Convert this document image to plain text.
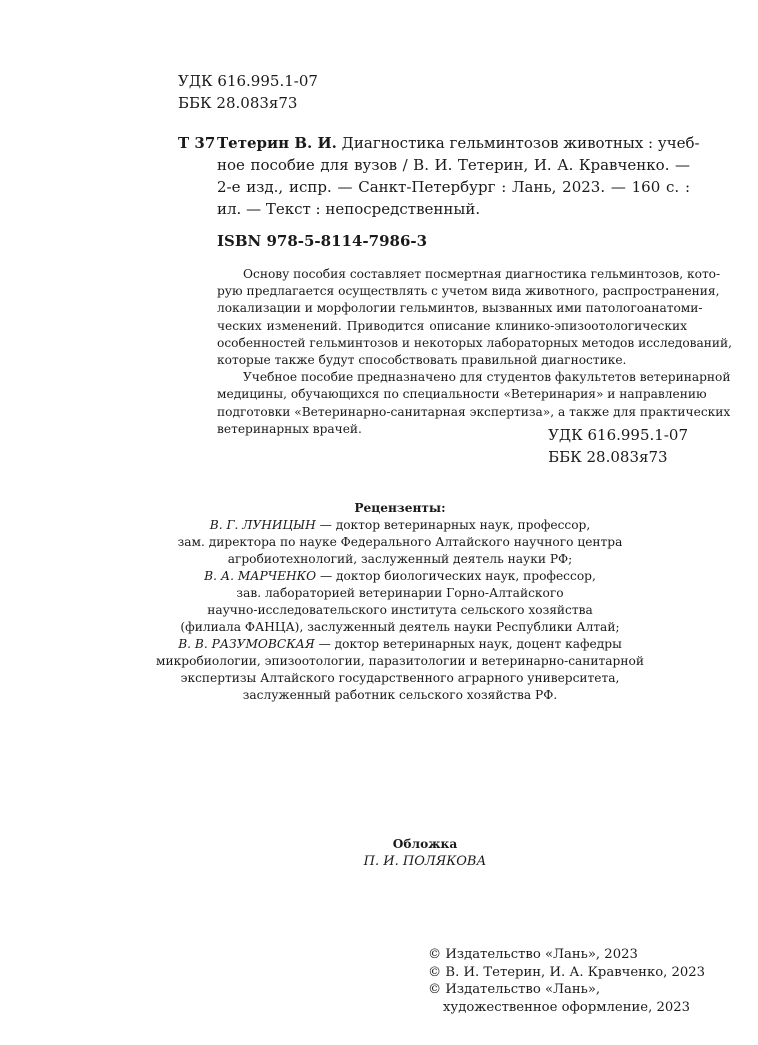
УДК 616.995.1-07
ББК 28.083я73
Т 37 Тетерин В. И. Диагностика гельминтозов животных : учеб-
ное пособие для вузов / В. И. Тетерин, И. А. Кравченко. —
2-е изд., испр. — Санкт-Петербург : Лань, 2023. — 160 с. :
ил. — Текст : непосредственный.
ISBN 978-5-8114-7986-3
Основу пособия составляет посмертная диагностика гельминтозов, кото-
рую предлагается осуществлять с учетом вида животного, распространения,
локализации и морфологии гельминтов, вызванных ими патологоанатоми-
ческих изменений. Приводится описание клинико-эпизоотологических
особенностей гельминтозов и некоторых лабораторных методов исследований,
которые также будут способствовать правильной диагностике.
Учебное пособие предназначено для студентов факультетов ветеринарной
медицины, обучающихся по специальности «Ветеринария» и направлению
подготовки «Ветеринарно-санитарная экспертиза», а также для практических
ветеринарных врачей.	УДК 616.995.1-07
ББК 28.083я73
Рецензенты:
В. Г. ЛУНИЦЫН — доктор ветеринарных наук, профессор,
зам. директора по науке Федерального Алтайского научного центра
агробиотехнологий, заслуженный деятель науки РФ;
В. А. МАРЧЕНКО — доктор биологических наук, профессор,
зав. лабораторией ветеринарии Горно-Алтайского
научно-исследовательского института сельского хозяйства
(филиала ФАНЦА), заслуженный деятель науки Республики Алтай;
В. В. РАЗУМОВСКАЯ — доктор ветеринарных наук, доцент кафедры
микробиологии, эпизоотологии, паразитологии и ветеринарно-санитарной
экспертизы Алтайского государственного аграрного университета,
заслуженный работник сельского хозяйства РФ.
Обложка
П. И. ПОЛЯКОВА
© Издательство «Лань», 2023
© В. И. Тетерин, И. А. Кравченко, 2023
© Издательство «Лань»,
художественное оформление, 2023
